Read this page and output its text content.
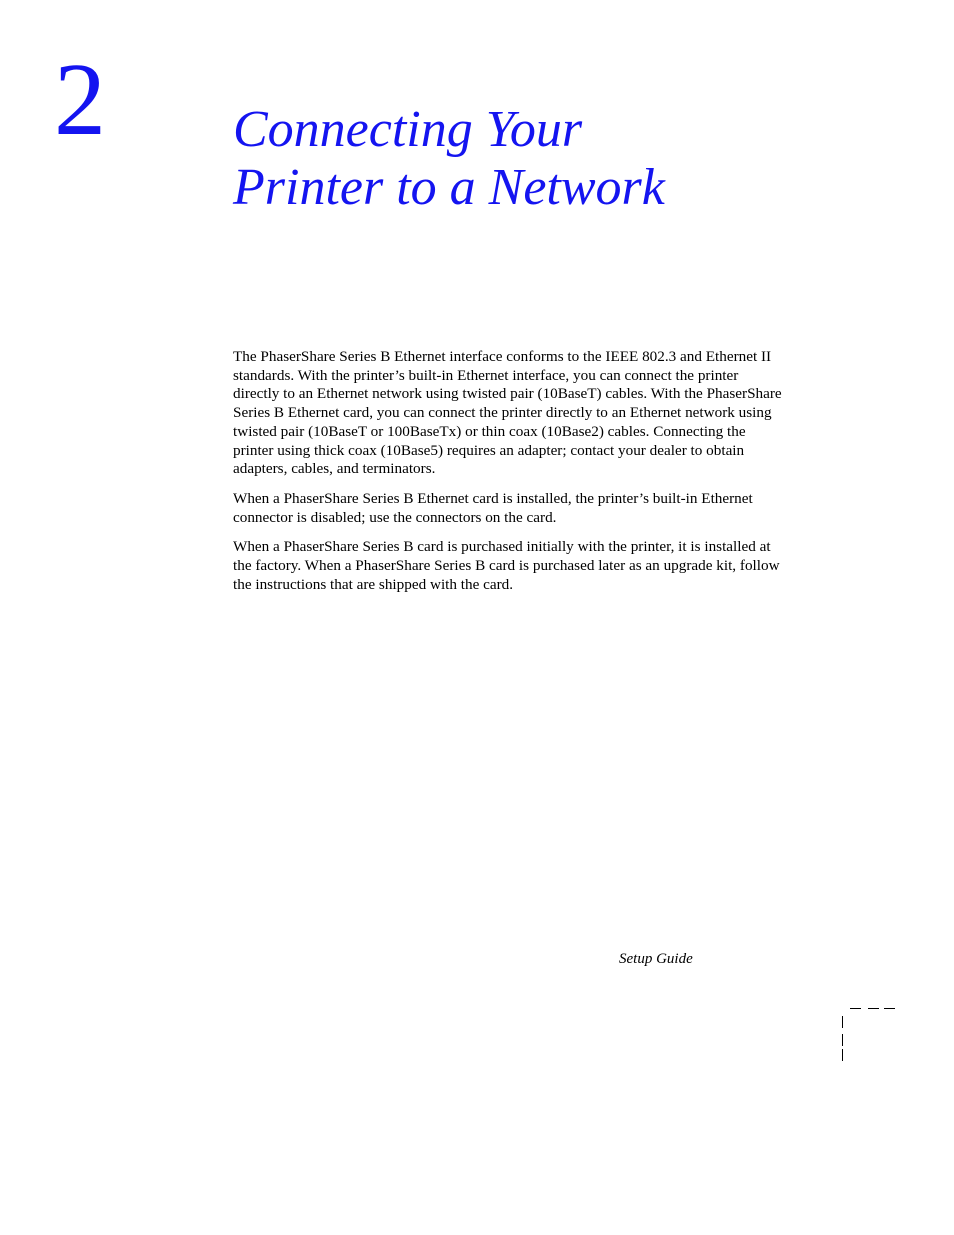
2 Connecting Your
Printer to a Network

The PhaserShare Series B Ethernet interface conforms to the IEEE 802.3 and Ethernet II standards. With the printer’s built-in Ethernet interface, you can connect the printer directly to an Ethernet network using twisted pair (10BaseT) cables. With the PhaserShare Series B Ethernet card, you can connect the printer directly to an Ethernet network using twisted pair (10BaseT or 100BaseTx) or thin coax (10Base2) cables. Connecting the printer using thick coax (10Base5) requires an adapter; contact your dealer to obtain adapters, cables, and terminators.

When a PhaserShare Series B Ethernet card is installed, the printer’s built-in Ethernet connector is disabled; use the connectors on the card.

When a PhaserShare Series B card is purchased initially with the printer, it is installed at the factory. When a PhaserShare Series B card is purchased later as an upgrade kit, follow the instructions that are shipped with the card.

Setup Guide
